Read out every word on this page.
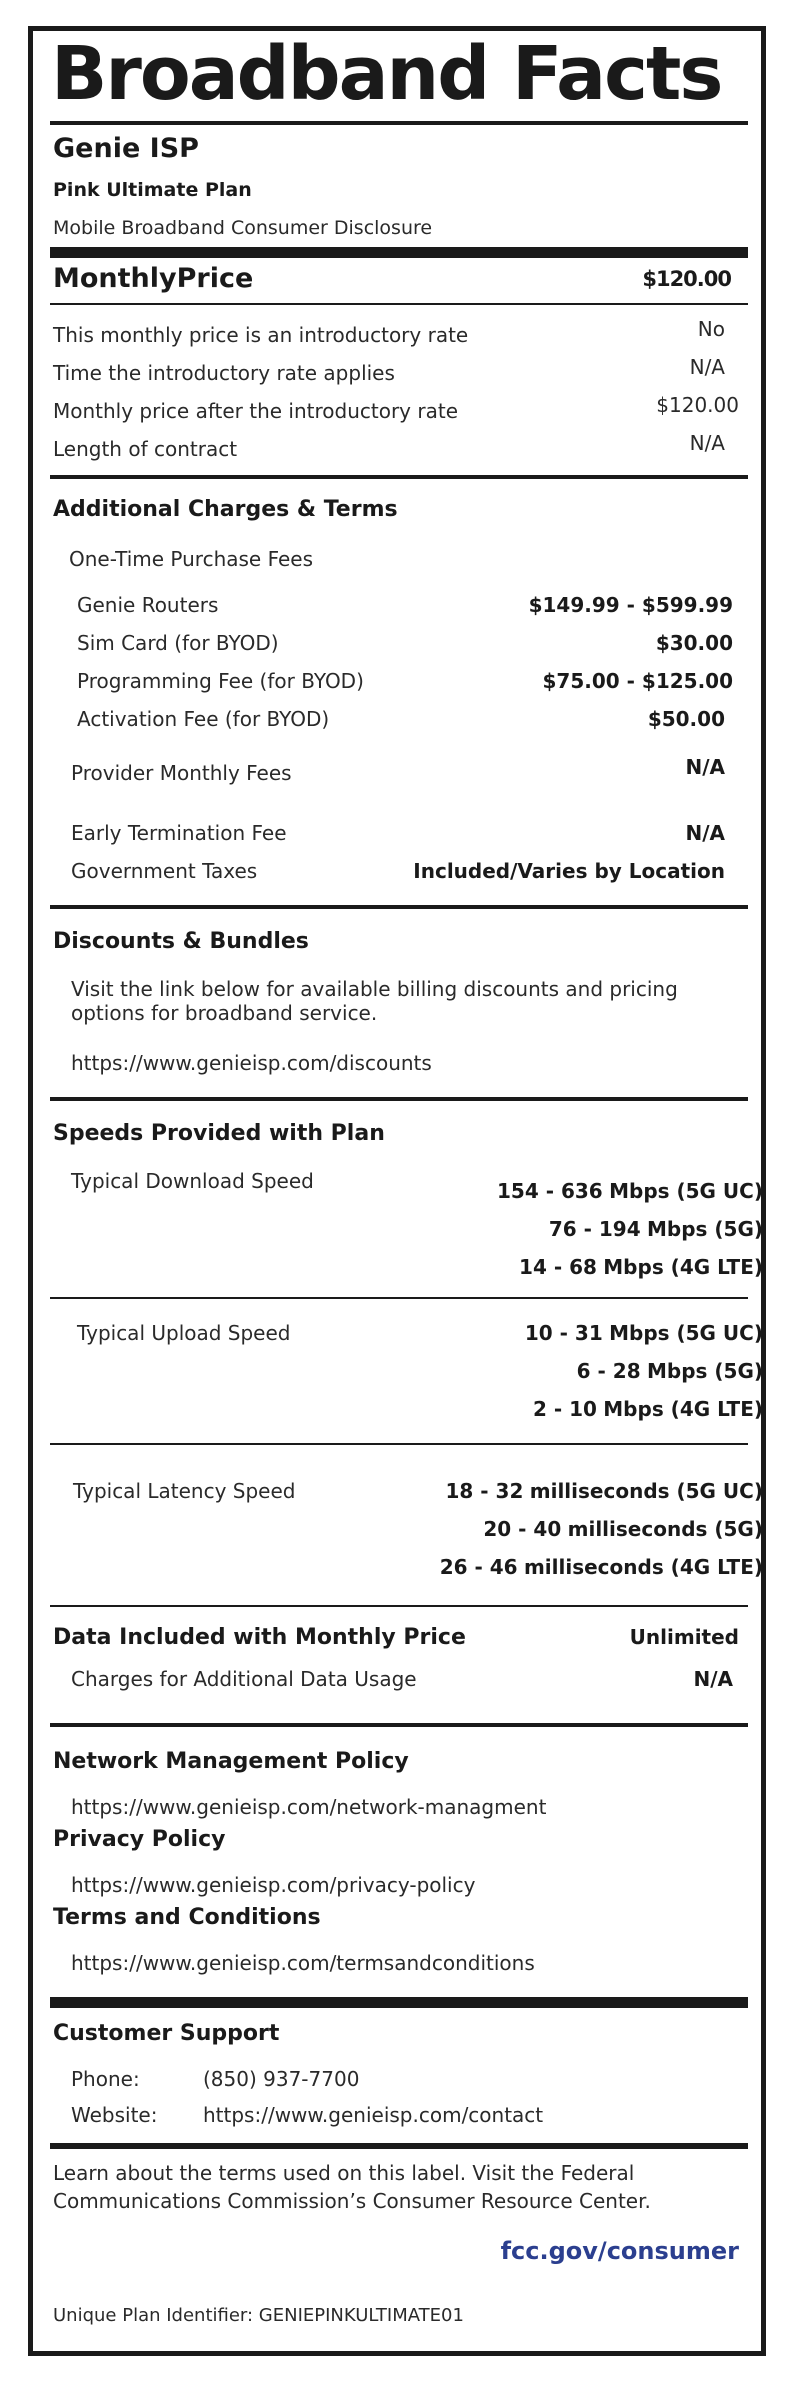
Broadband Facts
Genie ISP
Pink Ultimate Plan
Mobile Broadband Consumer Disclosure
MonthlyPrice	$120.00
This monthly price is an introductory rate	No
Time the introductory rate applies	N/A
Monthly price after the introductory rate	$120.00
Length of contract	N/A
Additional Charges & Terms
One-Time Purchase Fees
Genie Routers	$149.99 - $599.99
Sim Card (for BYOD)	$30.00
Programming Fee (for BYOD)	$75.00 - $125.00
Activation Fee (for BYOD)	$50.00
Provider Monthly Fees	N/A
Early Termination Fee	N/A
Government Taxes	Included/Varies by Location
Discounts & Bundles
Visit the link below for available billing discounts and pricing
options for broadband service.
https://www.genieisp.com/discounts
Speeds Provided with Plan
Typical Download Speed	154 - 636 Mbps (5G UC)
76 - 194 Mbps (5G)
14 - 68 Mbps (4G LTE)
Typical Upload Speed	10 - 31 Mbps (5G UC)
6 - 28 Mbps (5G)
2 - 10 Mbps (4G LTE)
Typical Latency Speed	18 - 32 milliseconds (5G UC)
20 - 40 milliseconds (5G)
26 - 46 milliseconds (4G LTE)
Data Included with Monthly Price	Unlimited
Charges for Additional Data Usage	N/A
Network Management Policy
https://www.genieisp.com/network-managment
Privacy Policy
https://www.genieisp.com/privacy-policy
Terms and Conditions
https://www.genieisp.com/termsandconditions
Customer Support
Phone:	(850) 937-7700
Website: https://www.genieisp.com/contact
Learn about the terms used on this label. Visit the Federal
Communications Commission’s Consumer Resource Center.
fcc.gov/consumer
Unique Plan Identifier: GENIEPINKULTIMATE01
